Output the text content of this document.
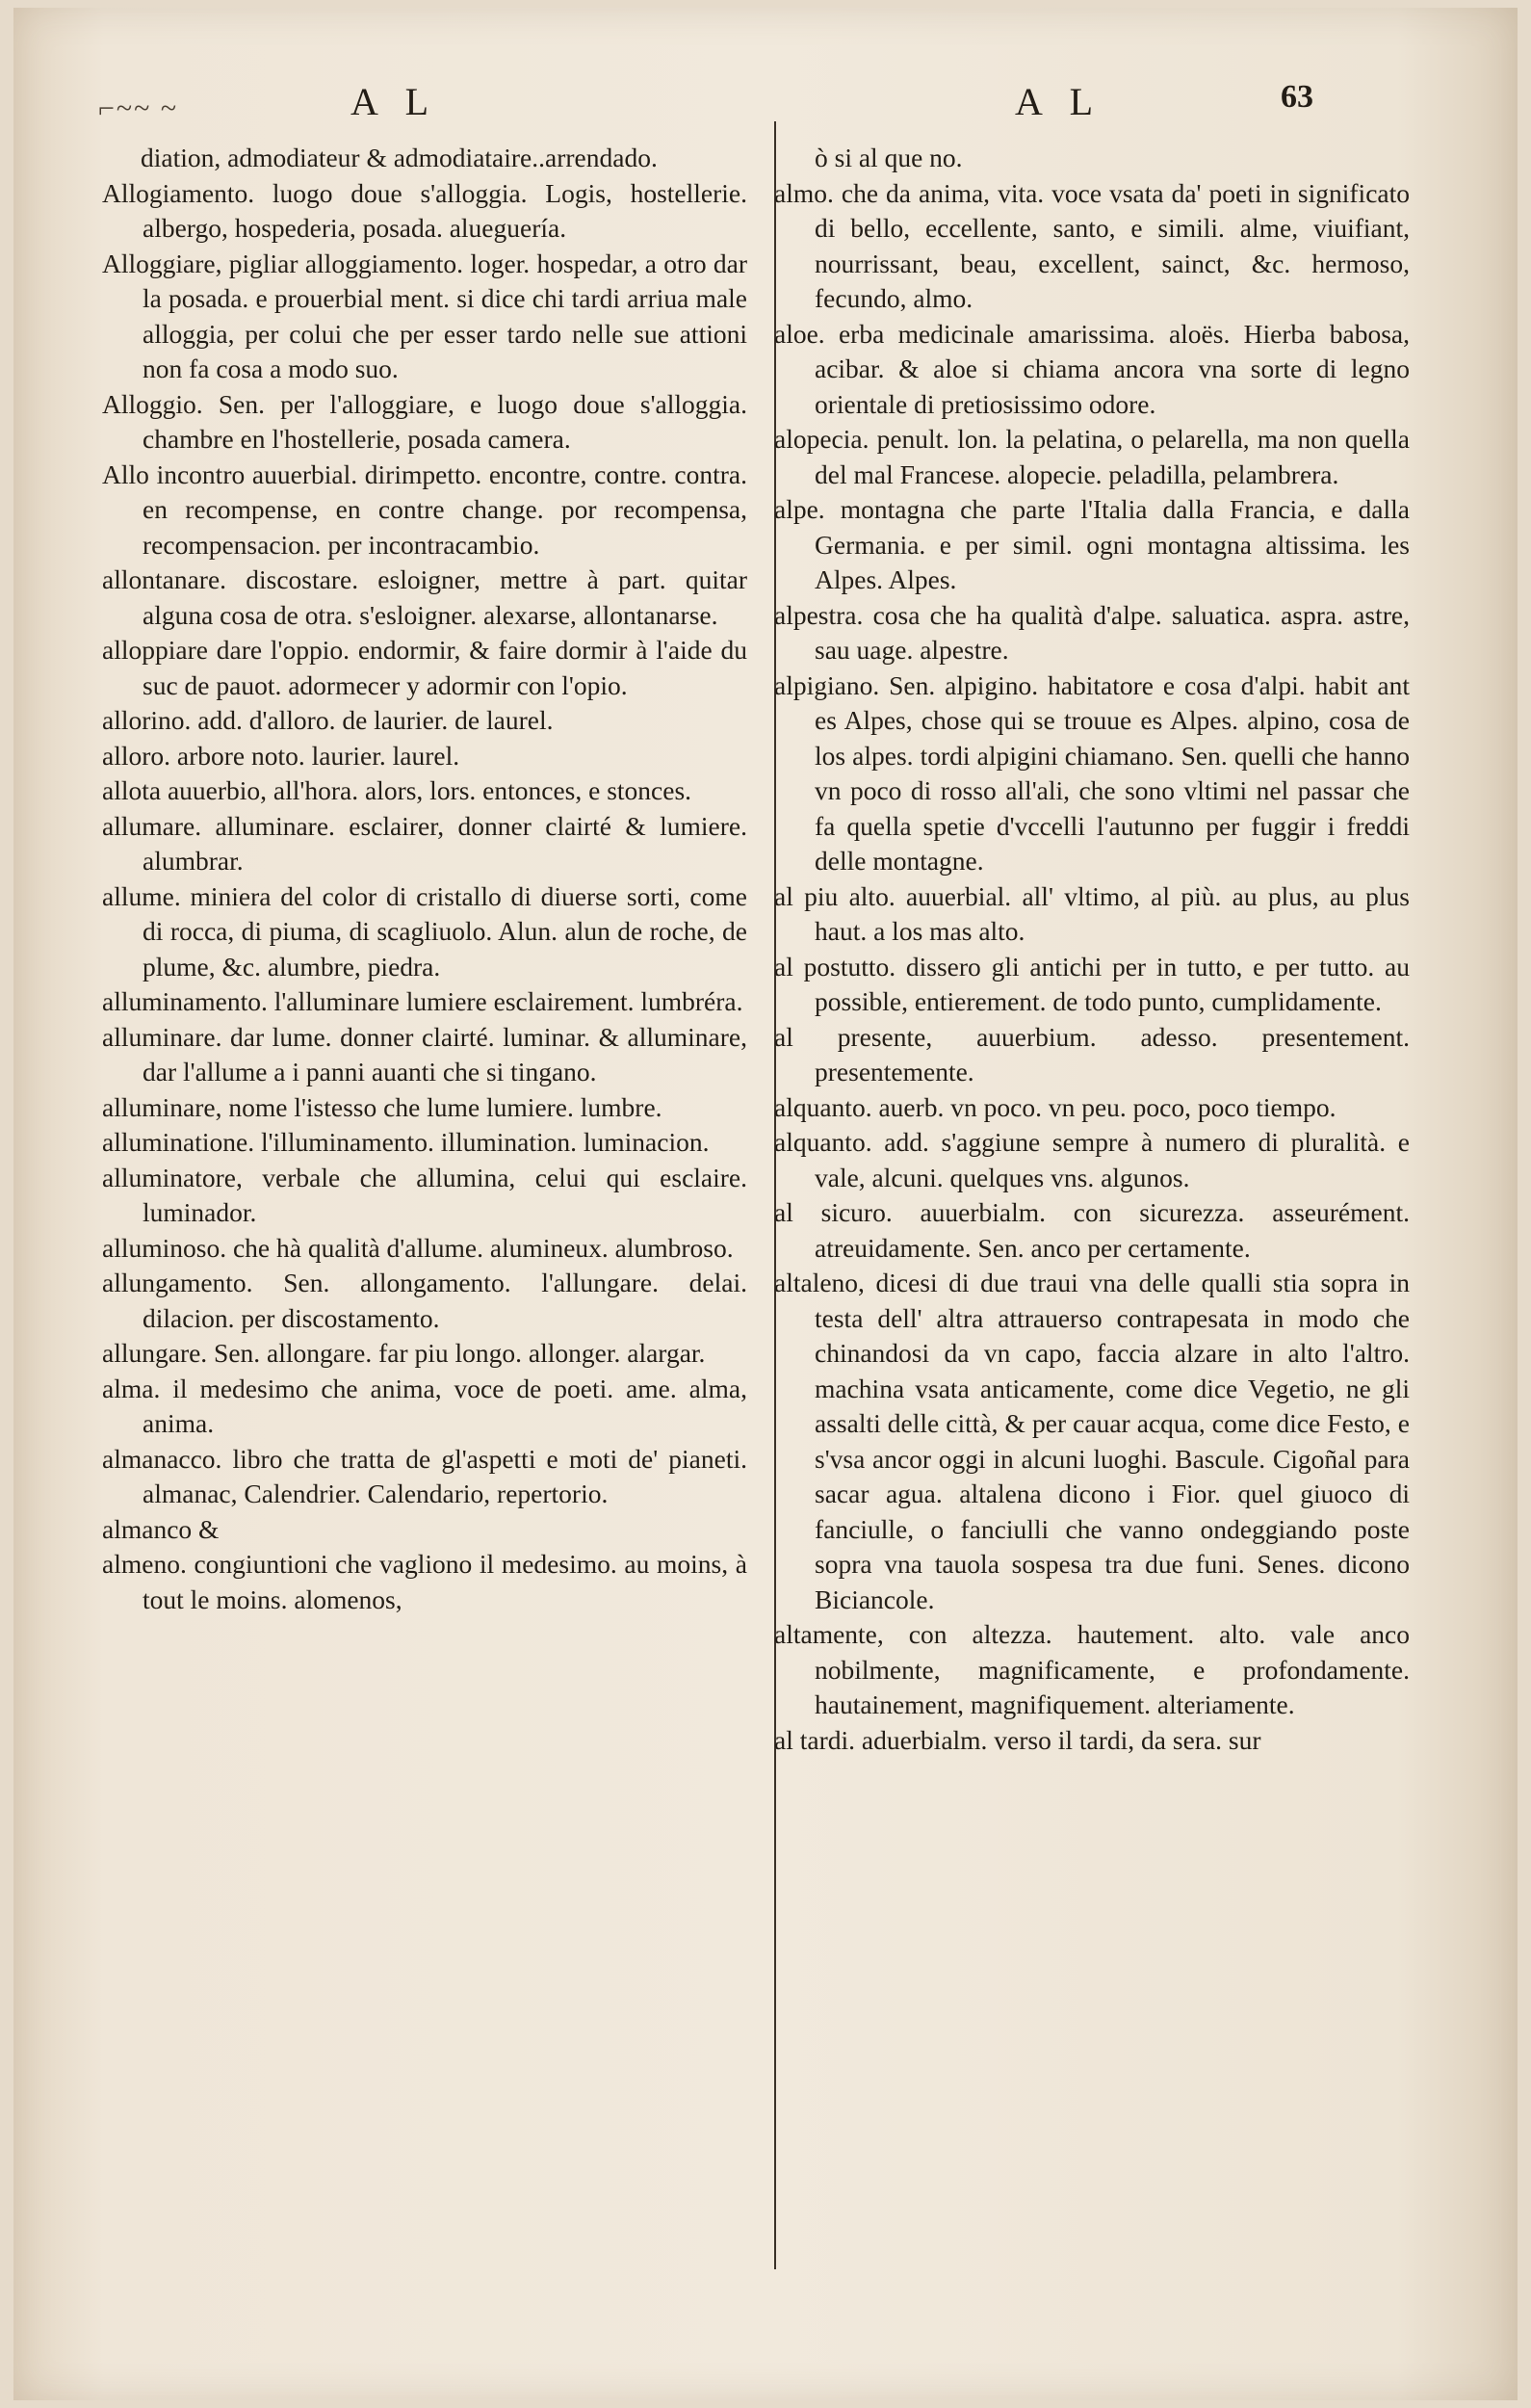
⌐~~ ~	A L	A L	63

diation, admodiateur & admodiataire..arrendado.

Allogiamento. luogo doue s'alloggia. Logis, hostellerie. albergo, hospederia, posada. alueguería.

Alloggiare, pigliar alloggiamento. loger. hospedar, a otro dar la posada. e prouerbial ment. si dice chi tardi arriua male alloggia, per colui che per esser tardo nelle sue attioni non fa cosa a modo suo.

Alloggio. Sen. per l'alloggiare, e luogo doue s'alloggia. chambre en l'hostellerie, posada camera.

Allo incontro auuerbial. dirimpetto. encontre, contre. contra. en recompense, en contre change. por recompensa, recompensacion. per incontracambio.

allontanare. discostare. esloigner, mettre à part. quitar alguna cosa de otra. s'esloigner. alexarse, allontanarse.

alloppiare dare l'oppio. endormir, & faire dormir à l'aide du suc de pauot. adormecer y adormir con l'opio.

allorino. add. d'alloro. de laurier. de laurel.

alloro. arbore noto. laurier. laurel.

allota auuerbio, all'hora. alors, lors. entonces, e stonces.

allumare. alluminare. esclairer, donner clairté & lumiere. alumbrar.

allume. miniera del color di cristallo di diuerse sorti, come di rocca, di piuma, di scagliuolo. Alun. alun de roche, de plume, &c. alumbre, piedra.

alluminamento. l'alluminare lumiere esclairement. lumbréra.

alluminare. dar lume. donner clairté. luminar. & alluminare, dar l'allume a i panni auanti che si tingano.

alluminare, nome l'istesso che lume lumiere. lumbre.

alluminatione. l'illuminamento. illumination. luminacion.

alluminatore, verbale che allumina, celui qui esclaire. luminador.

alluminoso. che hà qualità d'allume. alumineux. alumbroso.

allungamento. Sen. allongamento. l'allungare. delai. dilacion. per discostamento.

allungare. Sen. allongare. far piu longo. allonger. alargar.

alma. il medesimo che anima, voce de poeti. ame. alma, anima.

almanacco. libro che tratta de gl'aspetti e moti de' pianeti. almanac, Calendrier. Calendario, repertorio.

almanco &

almeno. congiuntioni che vagliono il medesimo. au moins, à tout le moins. alomenos,

ò si al que no.

almo. che da anima, vita. voce vsata da' poeti in significato di bello, eccellente, santo, e simili. alme, viuifiant, nourrissant, beau, excellent, sainct, &c. hermoso, fecundo, almo.

aloe. erba medicinale amarissima. aloës. Hierba babosa, acibar. & aloe si chiama ancora vna sorte di legno orientale di pretiosissimo odore.

alopecia. penult. lon. la pelatina, o pelarella, ma non quella del mal Francese. alopecie. peladilla, pelambrera.

alpe. montagna che parte l'Italia dalla Francia, e dalla Germania. e per simil. ogni montagna altissima. les Alpes. Alpes.

alpestra. cosa che ha qualità d'alpe. saluatica. aspra. astre, sau uage. alpestre.

alpigiano. Sen. alpigino. habitatore e cosa d'alpi. habit ant es Alpes, chose qui se trouue es Alpes. alpino, cosa de los alpes. tordi alpigini chiamano. Sen. quelli che hanno vn poco di rosso all'ali, che sono vltimi nel passar che fa quella spetie d'vccelli l'autunno per fuggir i freddi delle montagne.

al piu alto. auuerbial. all' vltimo, al più. au plus, au plus haut. a los mas alto.

al postutto. dissero gli antichi per in tutto, e per tutto. au possible, entierement. de todo punto, cumplidamente.

al presente, auuerbium. adesso. presentement. presentemente.

alquanto. auerb. vn poco. vn peu. poco, poco tiempo.

alquanto. add. s'aggiune sempre à numero di pluralità. e vale, alcuni. quelques vns. algunos.

al sicuro. auuerbialm. con sicurezza. asseurément. atreuidamente. Sen. anco per certamente.

altaleno, dicesi di due traui vna delle qualli stia sopra in testa dell' altra attrauerso contrapesata in modo che chinandosi da vn capo, faccia alzare in alto l'altro. machina vsata anticamente, come dice Vegetio, ne gli assalti delle città, & per cauar acqua, come dice Festo, e s'vsa ancor oggi in alcuni luoghi. Bascule. Cigoñal para sacar agua. altalena dicono i Fior. quel giuoco di fanciulle, o fanciulli che vanno ondeggiando poste sopra vna tauola sospesa tra due funi. Senes. dicono Biciancole.

altamente, con altezza. hautement. alto. vale anco nobilmente, magnificamente, e profondamente. hautainement, magnifiquement. alteriamente.

al tardi. aduerbialm. verso il tardi, da sera. sur
